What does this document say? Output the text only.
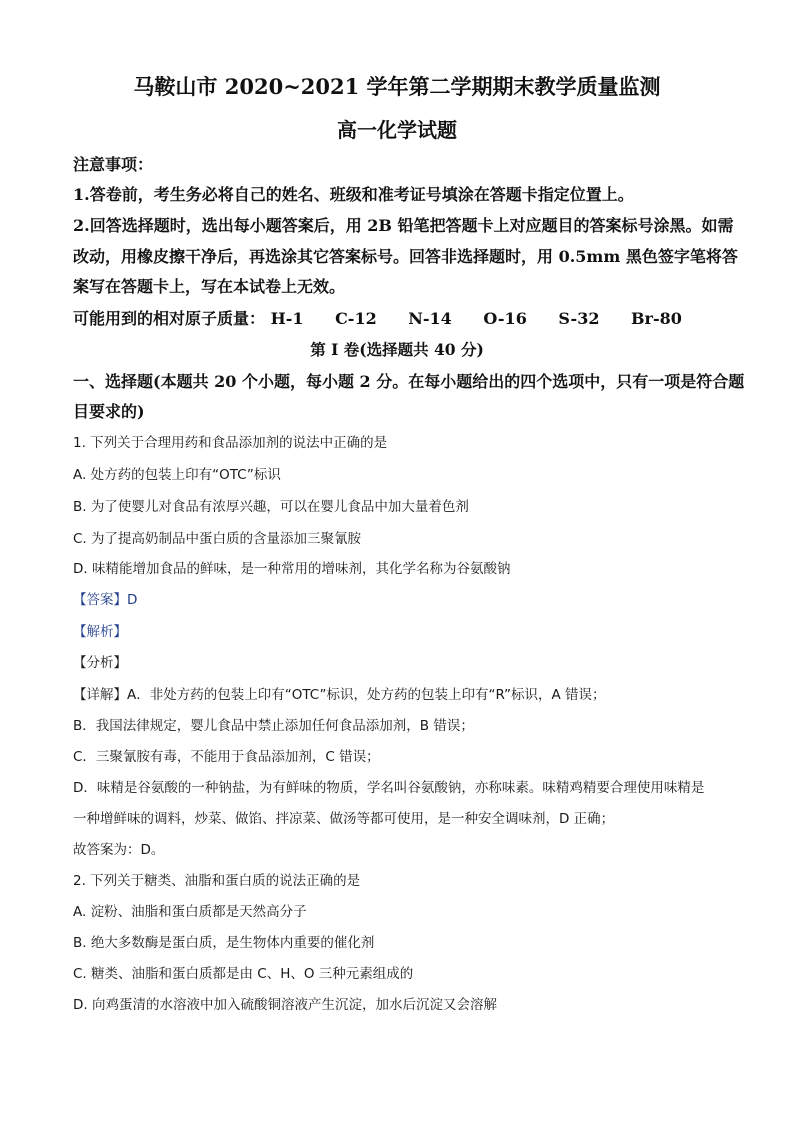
马鞍山市 2020~2021 学年第二学期期末教学质量监测
高一化学试题
注意事项：
1.答卷前，考生务必将自己的姓名、班级和准考证号填涂在答题卡指定位置上。
2.回答选择题时，选出每小题答案后，用 2B 铅笔把答题卡上对应题目的答案标号涂黑。如需
改动，用橡皮擦干净后，再选涂其它答案标号。回答非选择题时，用 0.5mm 黑色签字笔将答
案写在答题卡上，写在本试卷上无效。
可能用到的相对原子质量： H-1 C-12 N-14 O-16 S-32 Br-80
第 I 卷(选择题共 40 分)
一、选择题(本题共 20 个小题，每小题 2 分。在每小题给出的四个选项中，只有一项是符合题
目要求的)
1. 下列关于合理用药和食品添加剂的说法中正确的是
A. 处方药的包装上印有“OTC”标识
B. 为了使婴儿对食品有浓厚兴趣，可以在婴儿食品中加大量着色剂
C. 为了提高奶制品中蛋白质的含量添加三聚氰胺
D. 味精能增加食品的鲜味，是一种常用的增味剂，其化学名称为谷氨酸钠
【答案】D
【解析】
【分析】
【详解】A．非处方药的包装上印有“OTC”标识，处方药的包装上印有“R”标识，A 错误；
B．我国法律规定，婴儿食品中禁止添加任何食品添加剂，B 错误；
C．三聚氰胺有毒，不能用于食品添加剂，C 错误；
D．味精是谷氨酸的一种钠盐，为有鲜味的物质，学名叫谷氨酸钠，亦称味素。味精鸡精要合理使用味精是
一种增鲜味的调料，炒菜、做馅、拌凉菜、做汤等都可使用，是一种安全调味剂，D 正确；
故答案为：D。
2. 下列关于糖类、油脂和蛋白质的说法正确的是
A. 淀粉、油脂和蛋白质都是天然高分子
B. 绝大多数酶是蛋白质，是生物体内重要的催化剂
C. 糖类、油脂和蛋白质都是由 C、H、O 三种元素组成的
D. 向鸡蛋清的水溶液中加入硫酸铜溶液产生沉淀，加水后沉淀又会溶解
